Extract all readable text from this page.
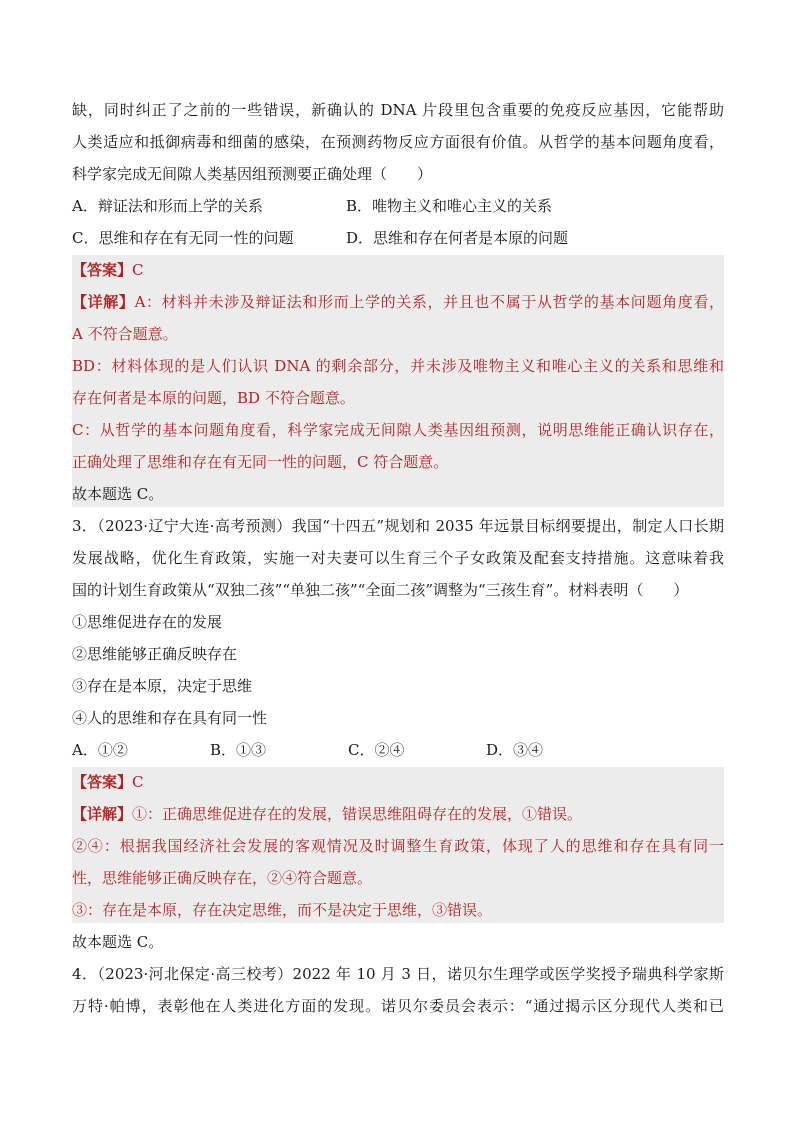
缺，同时纠正了之前的一些错误，新确认的 DNA 片段里包含重要的免疫反应基因，它能帮助
人类适应和抵御病毒和细菌的感染，在预测药物反应方面很有价值。从哲学的基本问题角度看，
科学家完成无间隙人类基因组预测要正确处理（　　）
A．辩证法和形而上学的关系	B．唯物主义和唯心主义的关系
C．思维和存在有无同一性的问题	D．思维和存在何者是本原的问题
【答案】C
【详解】A：材料并未涉及辩证法和形而上学的关系，并且也不属于从哲学的基本问题角度看，
A 不符合题意。
BD：材料体现的是人们认识 DNA 的剩余部分，并未涉及唯物主义和唯心主义的关系和思维和
存在何者是本原的问题，BD 不符合题意。
C：从哲学的基本问题角度看，科学家完成无间隙人类基因组预测，说明思维能正确认识存在，
正确处理了思维和存在有无同一性的问题，C 符合题意。
故本题选 C。
3．（2023·辽宁大连·高考预测）我国“十四五”规划和 2035 年远景目标纲要提出，制定人口长期
发展战略，优化生育政策，实施一对夫妻可以生育三个子女政策及配套支持措施。这意味着我
国的计划生育政策从“双独二孩”“单独二孩”“全面二孩”调整为“三孩生育”。材料表明（　　）
①思维促进存在的发展
②思维能够正确反映存在
③存在是本原，决定于思维
④人的思维和存在具有同一性
A．①②	B．①③	C．②④	D．③④
【答案】C
【详解】①：正确思维促进存在的发展，错误思维阻碍存在的发展，①错误。
②④：根据我国经济社会发展的客观情况及时调整生育政策，体现了人的思维和存在具有同一
性，思维能够正确反映存在，②④符合题意。
③：存在是本原，存在决定思维，而不是决定于思维，③错误。
故本题选 C。
4．（2023·河北保定·高三校考）2022 年 10 月 3 日，诺贝尔生理学或医学奖授予瑞典科学家斯
万特·帕博，表彰他在人类进化方面的发现。诺贝尔委员会表示：“通过揭示区分现代人类和已
